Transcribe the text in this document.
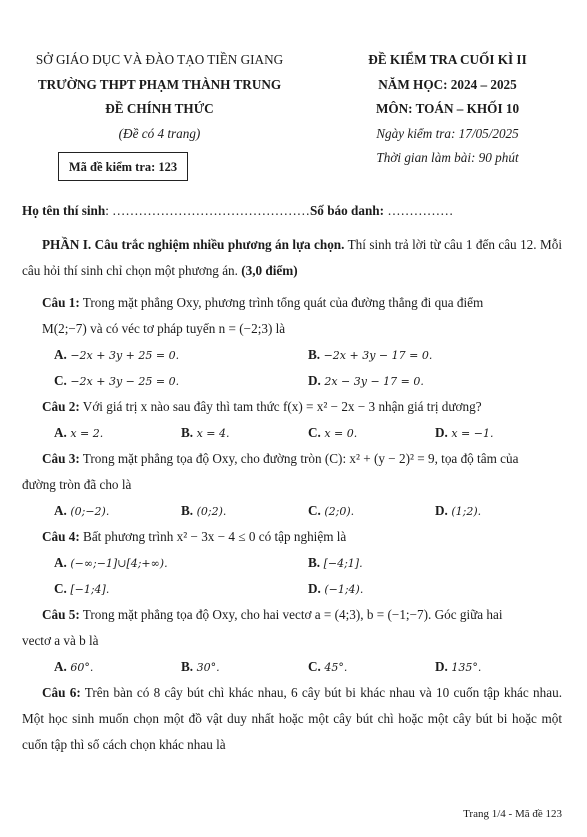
SỞ GIÁO DỤC VÀ ĐÀO TẠO TIỀN GIANG
TRƯỜNG THPT PHẠM THÀNH TRUNG
ĐỀ CHÍNH THỨC
(Đề có 4 trang)
Mã đề kiểm tra: 123
ĐỀ KIỂM TRA CUỐI KÌ II
NĂM HỌC: 2024 – 2025
MÔN: TOÁN – KHỐI 10
Ngày kiểm tra: 17/05/2025
Thời gian làm bài: 90 phút
Họ tên thí sinh: ………………………………………Số báo danh: ……………
PHẦN I. Câu trắc nghiệm nhiều phương án lựa chọn. Thí sinh trả lời từ câu 1 đến câu 12. Mỗi câu hỏi thí sinh chỉ chọn một phương án. (3,0 điểm)
Câu 1: Trong mặt phẳng Oxy, phương trình tổng quát của đường thẳng đi qua điểm
M(2;−7) và có véc tơ pháp tuyến n = (−2;3) là
A. −2x + 3y + 25 = 0.	B. −2x + 3y − 17 = 0.
C. −2x + 3y − 25 = 0.	D. 2x − 3y − 17 = 0.
Câu 2: Với giá trị x nào sau đây thì tam thức f(x) = x² − 2x − 3 nhận giá trị dương?
A. x = 2.	B. x = 4.	C. x = 0.	D. x = −1.
Câu 3: Trong mặt phẳng tọa độ Oxy, cho đường tròn (C): x² + (y − 2)² = 9, tọa độ tâm của
đường tròn đã cho là
A. (0;−2).	B. (0;2).	C. (2;0).	D. (1;2).
Câu 4: Bất phương trình x² − 3x − 4 ≤ 0 có tập nghiệm là
A. (−∞;−1]∪[4;+∞).	B. [−4;1].
C. [−1;4].	D. (−1;4).
Câu 5: Trong mặt phẳng tọa độ Oxy, cho hai vectơ a = (4;3), b = (−1;−7). Góc giữa hai
vectơ a và b là
A. 60°.	B. 30°.	C. 45°.	D. 135°.
Câu 6: Trên bàn có 8 cây bút chì khác nhau, 6 cây bút bi khác nhau và 10 cuốn tập khác nhau. Một học sinh muốn chọn một đồ vật duy nhất hoặc một cây bút chì hoặc một cây bút bi hoặc một cuốn tập thì số cách chọn khác nhau là
Trang 1/4 - Mã đề 123
